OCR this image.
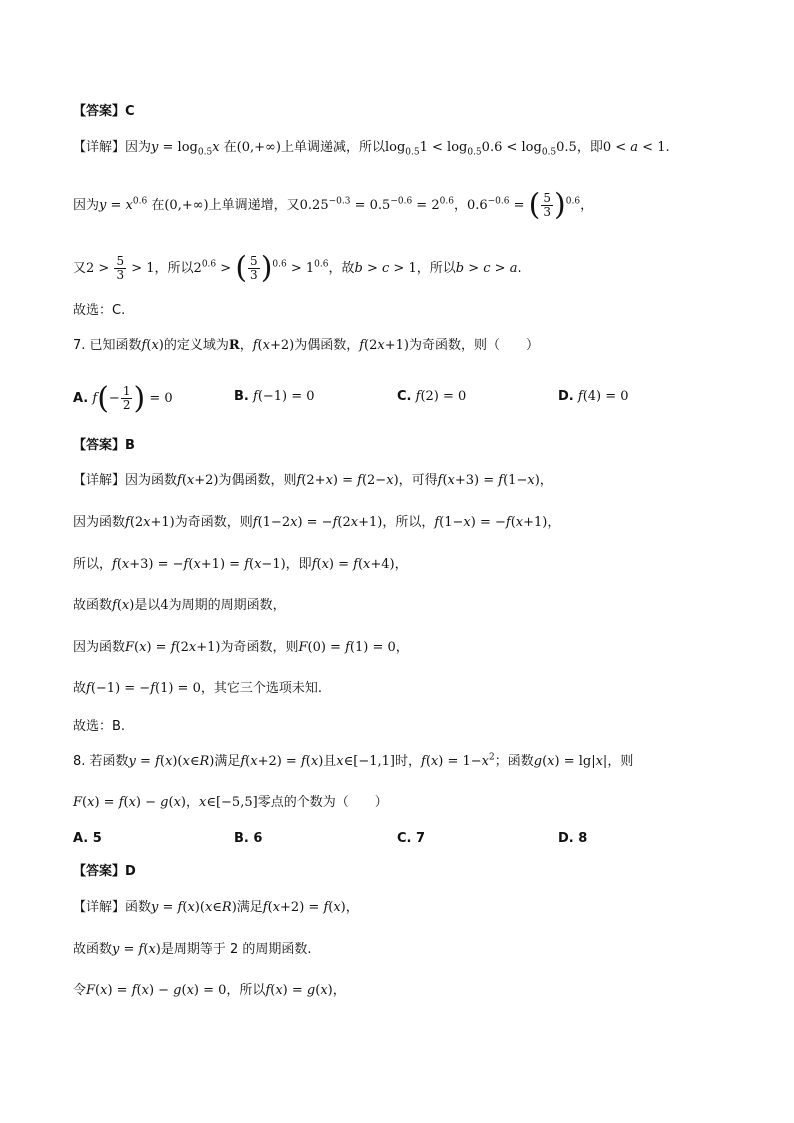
【答案】C
【详解】因为$y = \log_{0.5}x$ 在(0,+∞)上单调递减，所以$\log_{0.5}1 < \log_{0.5}0.6 < \log_{0.5}0.5$，即0 < a < 1.
因为$y = x^{0.6}$ 在(0,+∞)上单调递增，又$0.25^{-0.3} = 0.5^{-0.6} = 2^{0.6}$，$0.6^{-0.6}$ = ( $\frac{5}{3} )^{0.6}$，
又$2 > \frac{5}{3} > 1$，所以$2^{0.6}$ > ( $\frac{5}{3} )^{0.6} > 1^{0.6}$，故b > c > 1，所以b > c > a.
故选：C.
7. 已知函数f(x)的定义域为R，f(x+2)为偶函数，f(2x+1)为奇函数，则（　　）
A. $f(- \frac{1}{2}$ ) = 0	B. f(−1) = 0	C. f(2) = 0	D. f(4) = 0
【答案】B
【详解】因为函数f(x+2)为偶函数，则f(2+x) = f(2−x)，可得f(x+3) = f(1−x)，
因为函数f(2x+1)为奇函数，则f(1−2x) = −f(2x+1)，所以，f(1−x) = −f(x+1)，
所以，f(x+3) = −f(x+1) = f(x−1)，即f(x) = f(x+4)，
故函数f(x)是以4为周期的周期函数，
因为函数F(x) = f(2x+1)为奇函数，则F(0) = f(1) = 0，
故f(−1) = −f(1) = 0，其它三个选项未知.
故选：B.
8. 若函数y = f(x)(x∈R)满足f(x+2) = f(x)且x∈[−1,1]时，$f(x) = 1-x^2$；函数g(x) = lg|x|，则
F(x) = f(x) − g(x)，x∈[−5,5]零点的个数为（　　）
A. 5	B. 6	C. 7	D. 8
【答案】D
【详解】函数y = f(x)(x∈R)满足f(x+2) = f(x)，
故函数y = f(x)是周期等于 2 的周期函数.
令F(x) = f(x) − g(x) = 0，所以f(x) = g(x)，
